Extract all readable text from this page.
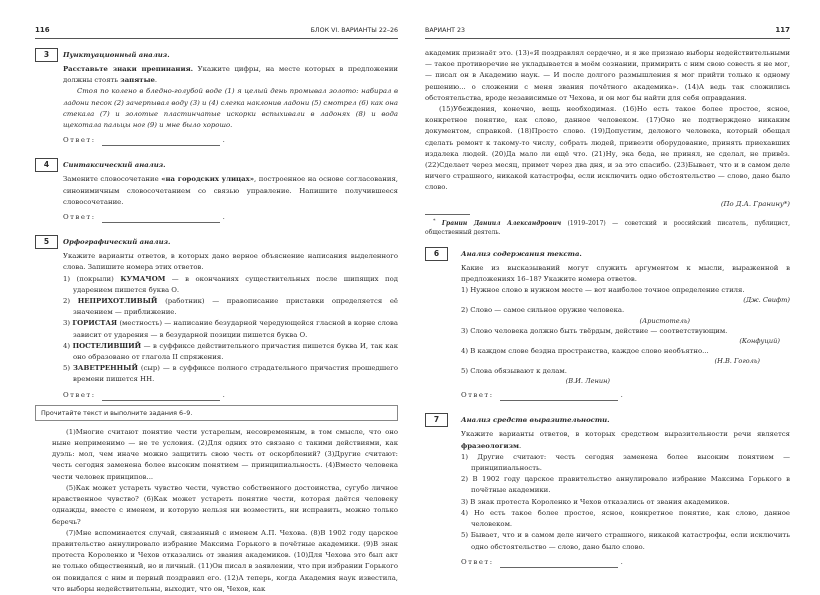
116	БЛОК VI. ВАРИАНТЫ 22–26
3	Пунктуационный анализ.

Расставьте знаки препинания. Укажите цифры, на месте которых в предложении должны стоять запятые.

Стоя по колено в бледно-голубой воде (1) я целый день промывал золото: набирал в ладони песок (2) зачерпывал воду (3) и (4) слегка наклонив ладони (5) смотрел (6) как она стекала (7) и золотые пластинчатые искорки вспыхивали в ладонях (8) и вода щекотала пальцы ног (9) и мне было хорошо.

Ответ:	.
4	Синтаксический анализ.

Замените словосочетание «на городских улицах», построенное на основе согласования, синонимичным словосочетанием со связью управление. Напишите получившееся словосочетание.

Ответ:	.
5	Орфографический анализ.

Укажите варианты ответов, в которых дано верное объяснение написания выделенного слова. Запишите номера этих ответов.

1) (покрыли) КУМАЧОМ — в окончаниях существительных после шипящих под ударением пишется буква О.
2) НЕПРИХОТЛИВЫЙ (работник) — правописание приставки определяется её значением — приближение.
3) ГОРИСТАЯ (местность) — написание безударной чередующейся гласной в корне слова зависит от ударения — в безударной позиции пишется буква О.
4) ПОСТЕЛИВШИЙ — в суффиксе действительного причастия пишется буква И, так как оно образовано от глагола II спряжения.
5) ЗАВЕТРЕННЫЙ (сыр) — в суффиксе полного страдательного причастия прошедшего времени пишется НН.
Ответ:	.
Прочитайте текст и выполните задания 6–9.

(1)Многие считают понятие чести устарелым, несовременным, в том смысле, что оно ныне неприменимо — не те условия. (2)Для одних это связано с такими действиями, как дуэль: мол, чем иначе можно защитить свою честь от оскорблений? (3)Другие считают: честь сегодня заменена более высоким понятием — принципиальность. (4)Вместо человека чести человек принципов...

(5)Как может устареть чувство чести, чувство собственного достоинства, сугубо личное нравственное чувство? (6)Как может устареть понятие чести, которая даётся человеку однажды, вместе с именем, и которую нельзя ни возместить, ни исправить, можно только беречь?

(7)Мне вспоминается случай, связанный с именем А.П. Чехова. (8)В 1902 году царское правительство аннулировало избрание Максима Горького в почётные академики. (9)В знак протеста Короленко и Чехов отказались от звания академиков. (10)Для Чехова это был акт не только общественный, но и личный. (11)Он писал в заявлении, что при избрании Горького он повидался с ним и первый поздравил его. (12)А теперь, когда Академия наук известила, что выборы недействительны, выходит, что он, Чехов, как

ВАРИАНТ 23	117

академик признаёт это. (13)«Я поздравлял сердечно, и я же признаю выборы недействительными — такое противоречие не укладывается в моём сознании, примирить с ним свою совесть я не мог, — писал он в Академию наук. — И после долгого размышления я мог прийти только к одному решению... о сложении с меня звания почётного академика». (14)А ведь так сложились обстоятельства, вроде независимые от Чехова, и он мог бы найти для себя оправдания.

(15)Убеждения, конечно, вещь необходимая. (16)Но есть такое более простое, ясное, конкретное понятие, как слово, данное человеком. (17)Оно не подтверждено никаким документом, справкой. (18)Просто слово. (19)Допустим, делового человека, который обещал сделать ремонт к такому-то числу, собрать людей, привезти оборудование, принять приехавших издалека людей. (20)Да мало ли ещё что. (21)Ну, эка беда, не принял, не сделал, не привёз. (22)Сделает через месяц, примет через два дня, и за это спасибо. (23)Бывает, что и в самом деле ничего страшного, никакой катастрофы, если исключить одно обстоятельство — слово, дано было слово.

(По Д.А. Гранину*)

* Гранин Даниил Александрович (1919–2017) — советский и российский писатель, публицист, общественный деятель.

6	Анализ содержания текста.

Какие из высказываний могут служить аргументом к мысли, выраженной в предложениях 16–18? Укажите номера ответов.

1) Нужное слово в нужном месте — вот наиболее точное определение стиля.
(Дж. Свифт)
2) Слово — самое сильное оружие человека.
(Аристотель)
3) Слово человека должно быть твёрдым, действие — соответствующим.
(Конфуций)
4) В каждом слове бездна пространства, каждое слово необъятно...
(Н.В. Гоголь)
5) Слова обязывают к делам.
(В.И. Ленин)
Ответ:	.
7	Анализ средств выразительности.

Укажите варианты ответов, в которых средством выразительности речи является фразеологизм.

1) Другие считают: честь сегодня заменена более высоким понятием — принципиальность.
2) В 1902 году царское правительство аннулировало избрание Максима Горького в почётные академики.
3) В знак протеста Короленко и Чехов отказались от звания академиков.
4) Но есть такое более простое, ясное, конкретное понятие, как слово, данное человеком.
5) Бывает, что и в самом деле ничего страшного, никакой катастрофы, если исключить одно обстоятельство — слово, дано было слово.
Ответ:	.
